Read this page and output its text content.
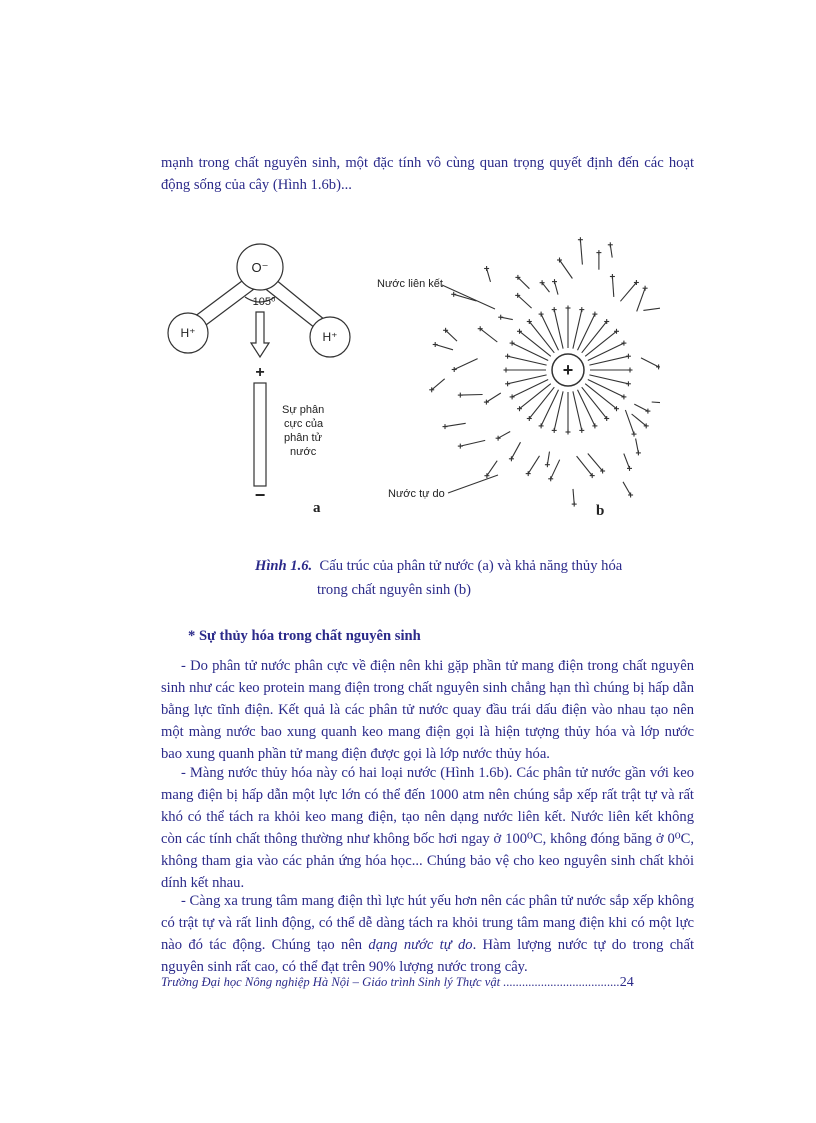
mạnh trong chất nguyên sinh, một đặc tính vô cùng quan trọng quyết định đến các hoạt động sống của cây (Hình 1.6b)...

O⁻
105⁰
H⁺	H⁺
+
−
Sự phân
cực của
phân tử
nước
a
+
Nước liên kết
Nước tự do
b
Hình 1.6. Cấu trúc của phân tử nước (a) và khả năng thủy hóa
trong chất nguyên sinh (b)
* Sự thủy hóa trong chất nguyên sinh

- Do phân tử nước phân cực về điện nên khi gặp phần tử mang điện trong chất nguyên sinh như các keo protein mang điện trong chất nguyên sinh chẳng hạn thì chúng bị hấp dẫn bằng lực tĩnh điện. Kết quả là các phân tử nước quay đầu trái dấu điện vào nhau tạo nên một màng nước bao xung quanh keo mang điện gọi là hiện tượng thủy hóa và lớp nước bao xung quanh phần tử mang điện được gọi là lớp nước thủy hóa.

- Màng nước thủy hóa này có hai loại nước (Hình 1.6b). Các phân tử nước gần với keo mang điện bị hấp dẫn một lực lớn có thể đến 1000 atm nên chúng sắp xếp rất trật tự và rất khó có thể tách ra khỏi keo mang điện, tạo nên dạng nước liên kết. Nước liên kết không còn các tính chất thông thường như không bốc hơi ngay ở 100⁰C, không đóng băng ở 0⁰C, không tham gia vào các phản ứng hóa học... Chúng bảo vệ cho keo nguyên sinh chất khỏi dính kết nhau.

- Càng xa trung tâm mang điện thì lực hút yếu hơn nên các phân tử nước sắp xếp không có trật tự và rất linh động, có thể dễ dàng tách ra khỏi trung tâm mang điện khi có một lực nào đó tác động. Chúng tạo nên dạng nước tự do. Hàm lượng nước tự do trong chất nguyên sinh rất cao, có thể đạt trên 90% lượng nước trong cây.

Trường Đại học Nông nghiệp Hà Nội – Giáo trình Sinh lý Thực vật .....................................24
